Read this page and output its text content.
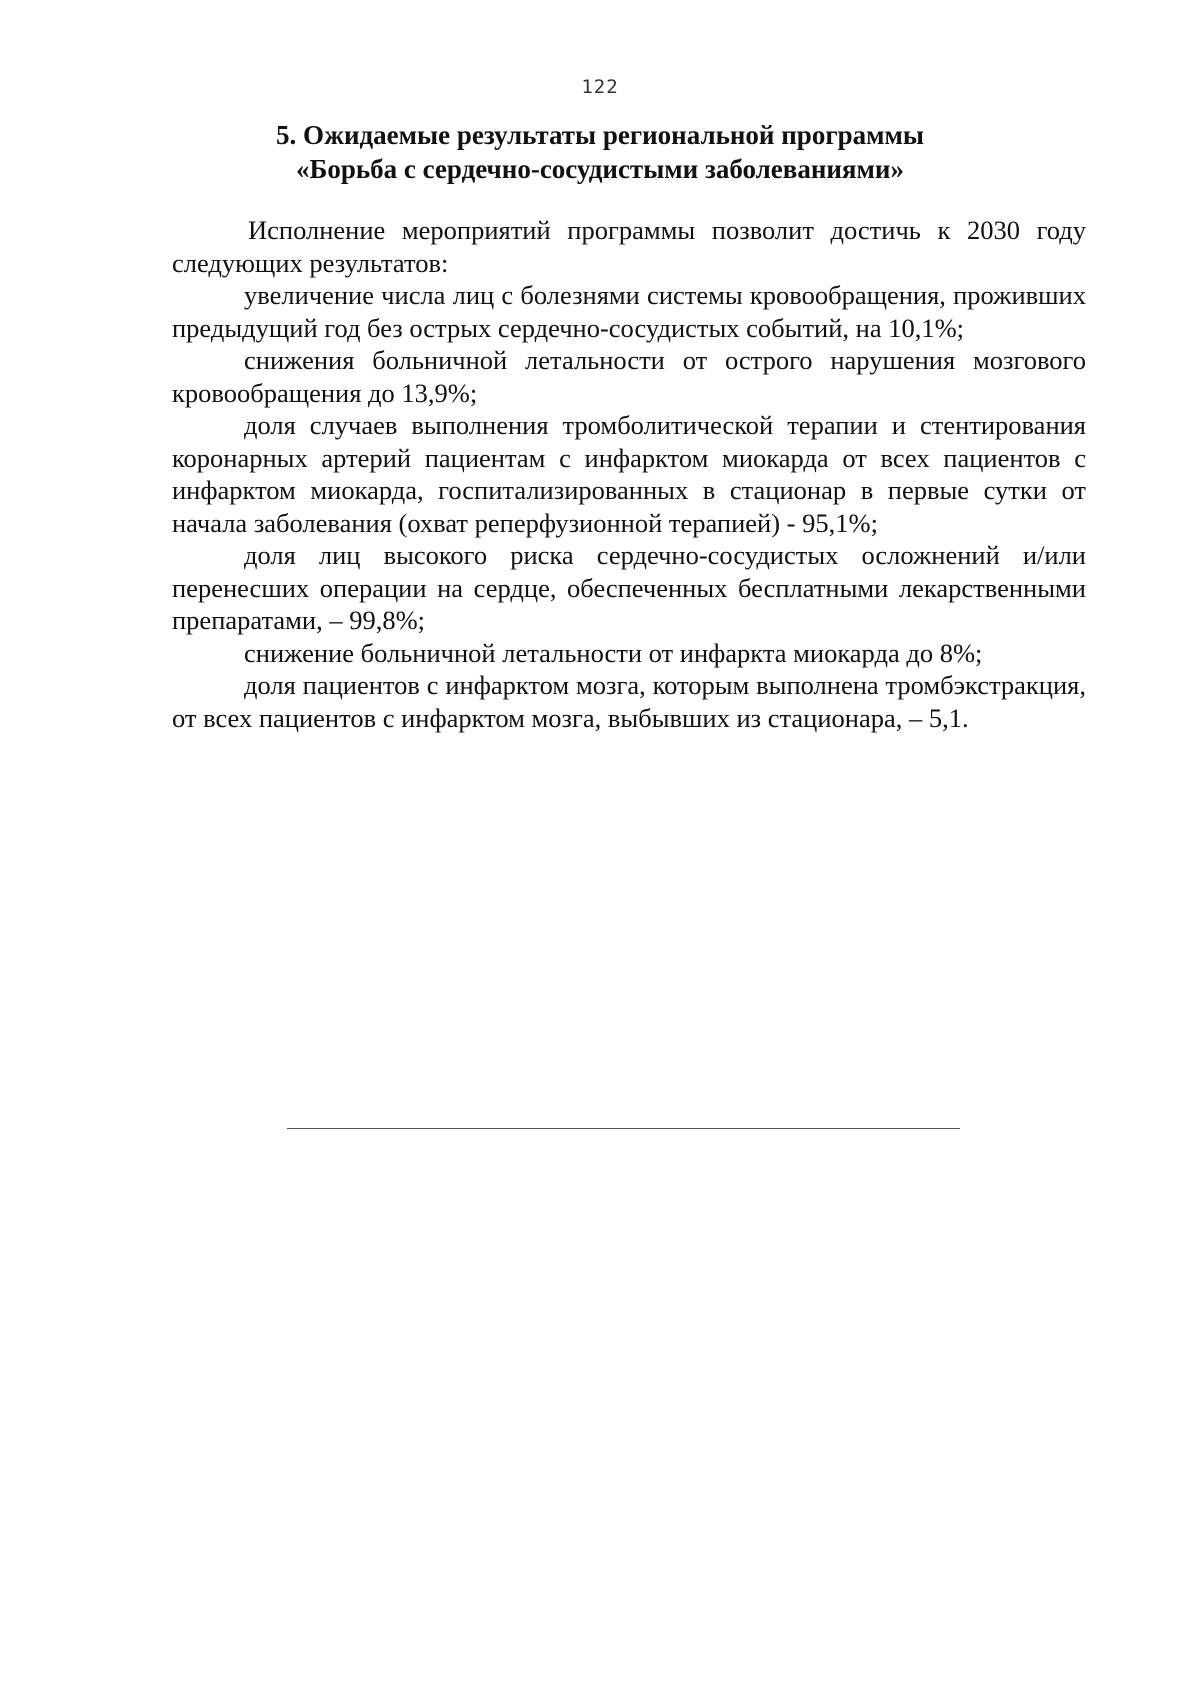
122
5. Ожидаемые результаты региональной программы
«Борьба с сердечно-сосудистыми заболеваниями»

Исполнение мероприятий программы позволит достичь к 2030 году следующих результатов:

увеличение числа лиц с болезнями системы кровообращения, проживших предыдущий год без острых сердечно-сосудистых событий, на 10,1%;

снижения больничной летальности от острого нарушения мозгового кровообращения до 13,9%;

доля случаев выполнения тромболитической терапии и стентирования коронарных артерий пациентам с инфарктом миокарда от всех пациентов с инфарктом миокарда, госпитализированных в стационар в первые сутки от начала заболевания (охват реперфузионной терапией) - 95,1%;

доля лиц высокого риска сердечно-сосудистых осложнений и/или перенесших операции на сердце, обеспеченных бесплатными лекарственными препаратами, – 99,8%;

снижение больничной летальности от инфаркта миокарда до 8%;

доля пациентов с инфарктом мозга, которым выполнена тромбэкстракция, от всех пациентов с инфарктом мозга, выбывших из стационара, – 5,1.
